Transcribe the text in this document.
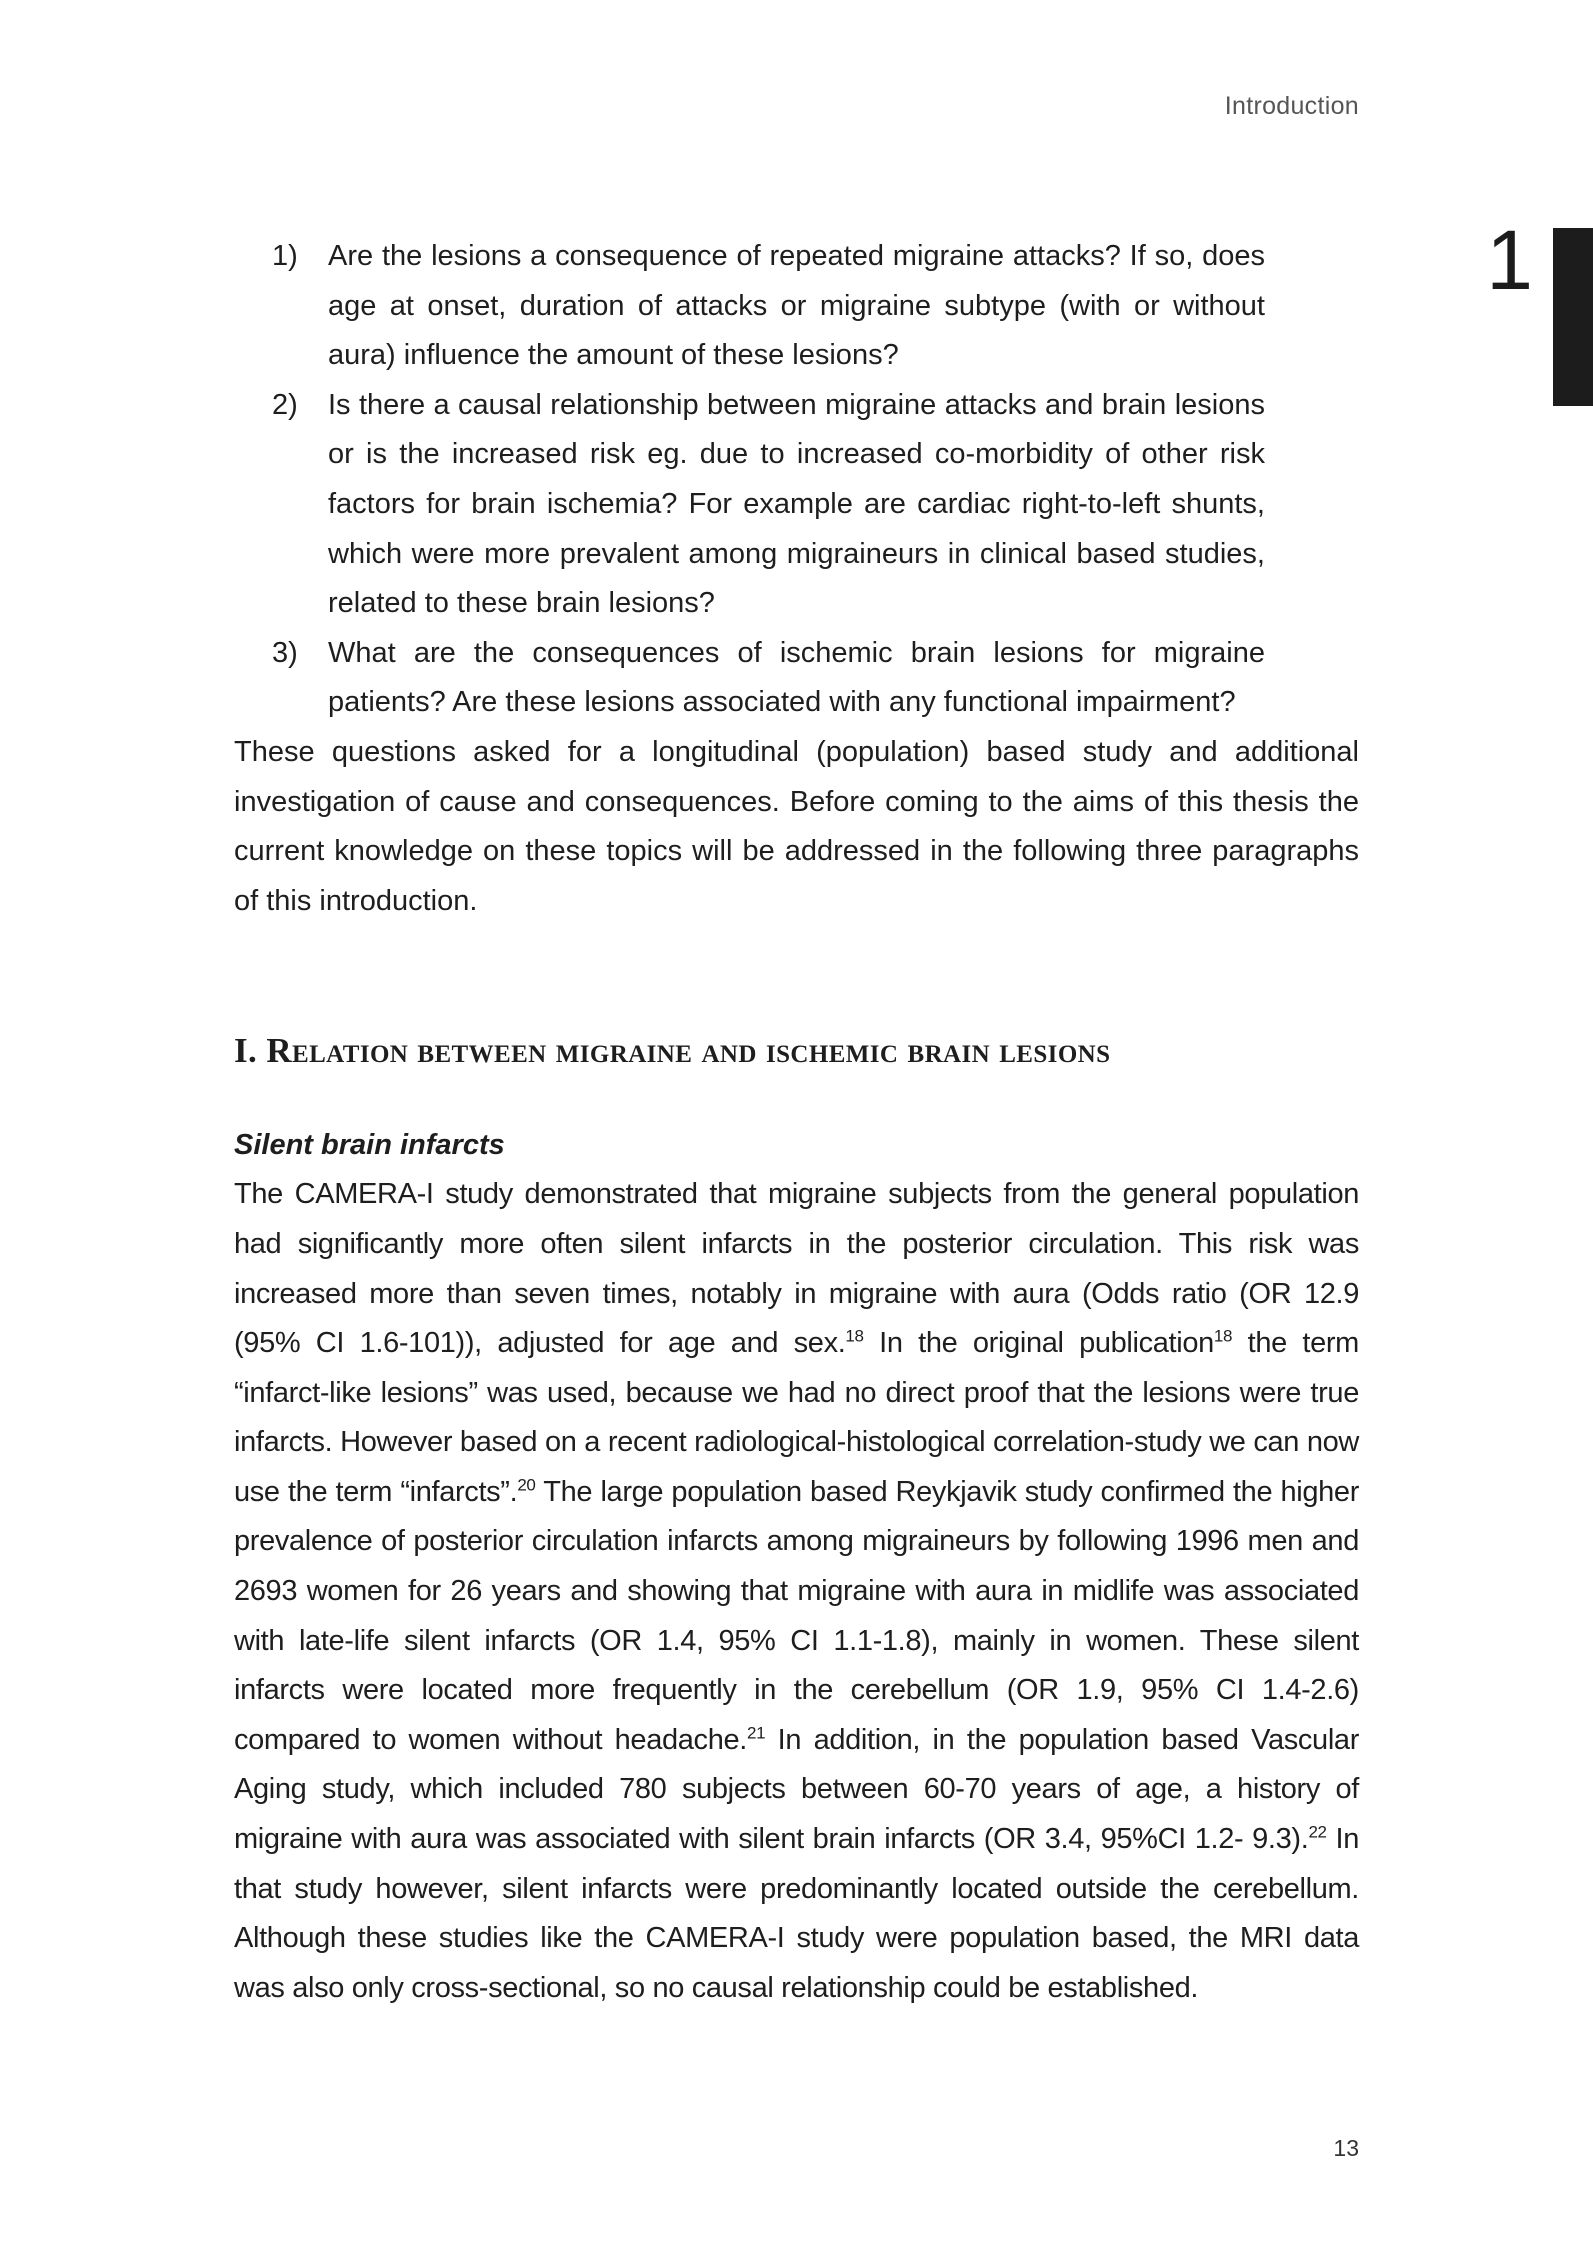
Introduction
1
1) Are the lesions a consequence of repeated migraine attacks? If so, does age at onset, duration of attacks or migraine subtype (with or without aura) influence the amount of these lesions?
2) Is there a causal relationship between migraine attacks and brain lesions or is the increased risk eg. due to increased co-morbidity of other risk factors for brain ischemia? For example are cardiac right-to-left shunts, which were more prevalent among migraineurs in clinical based studies, related to these brain lesions?
3) What are the consequences of ischemic brain lesions for migraine patients? Are these lesions associated with any functional impairment?

These questions asked for a longitudinal (population) based study and additional investigation of cause and consequences. Before coming to the aims of this thesis the current knowledge on these topics will be addressed in the following three paragraphs of this introduction.

I. Relation between migraine and ischemic brain lesions
Silent brain infarcts

The CAMERA-I study demonstrated that migraine subjects from the general population had significantly more often silent infarcts in the posterior circulation. This risk was increased more than seven times, notably in migraine with aura (Odds ratio (OR 12.9 (95% CI 1.6-101)), adjusted for age and sex.$^{18}$ In the original publication$^{18}$ the term “infarct-like lesions” was used, because we had no direct proof that the lesions were true infarcts. However based on a recent radiological-histological correlation-study we can now use the term “infarcts”.$^{20}$ The large population based Reykjavik study confirmed the higher prevalence of posterior circulation infarcts among migraineurs by following 1996 men and 2693 women for 26 years and showing that migraine with aura in midlife was associated with late-life silent infarcts (OR 1.4, 95% CI 1.1-1.8), mainly in women. These silent infarcts were located more frequently in the cerebellum (OR 1.9, 95% CI 1.4-2.6) compared to women without headache.$^{21}$ In addition, in the population based Vascular Aging study, which included 780 subjects between 60-70 years of age, a history of migraine with aura was associated with silent brain infarcts (OR 3.4, 95%CI 1.2- 9.3).$^{22}$ In that study however, silent infarcts were predominantly located outside the cerebellum. Although these studies like the CAMERA-I study were population based, the MRI data was also only cross-sectional, so no causal relationship could be established.

13
